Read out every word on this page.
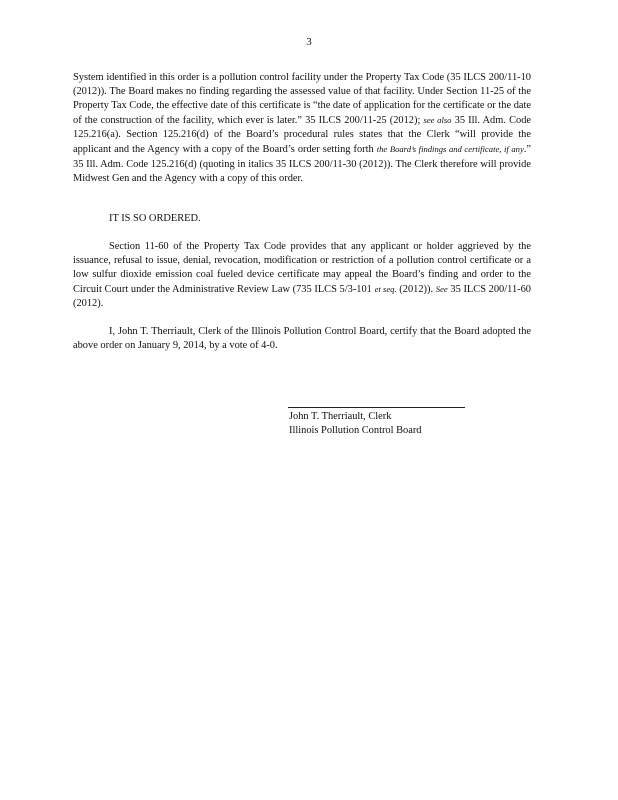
3

System identified in this order is a pollution control facility under the Property Tax Code (35 ILCS 200/11-10 (2012)). The Board makes no finding regarding the assessed value of that facility. Under Section 11-25 of the Property Tax Code, the effective date of this certificate is “the date of application for the certificate or the date of the construction of the facility, which ever is later.” 35 ILCS 200/11-25 (2012); see also 35 Ill. Adm. Code 125.216(a). Section 125.216(d) of the Board’s procedural rules states that the Clerk “will provide the applicant and the Agency with a copy of the Board’s order setting forth the Board’s findings and certificate, if any.” 35 Ill. Adm. Code 125.216(d) (quoting in italics 35 ILCS 200/11-30 (2012)). The Clerk therefore will provide Midwest Gen and the Agency with a copy of this order.

IT IS SO ORDERED.

Section 11-60 of the Property Tax Code provides that any applicant or holder aggrieved by the issuance, refusal to issue, denial, revocation, modification or restriction of a pollution control certificate or a low sulfur dioxide emission coal fueled device certificate may appeal the Board’s finding and order to the Circuit Court under the Administrative Review Law (735 ILCS 5/3-101 et seq. (2012)). See 35 ILCS 200/11-60 (2012).

I, John T. Therriault, Clerk of the Illinois Pollution Control Board, certify that the Board adopted the above order on January 9, 2014, by a vote of 4-0.

John T. Therriault, Clerk
Illinois Pollution Control Board
